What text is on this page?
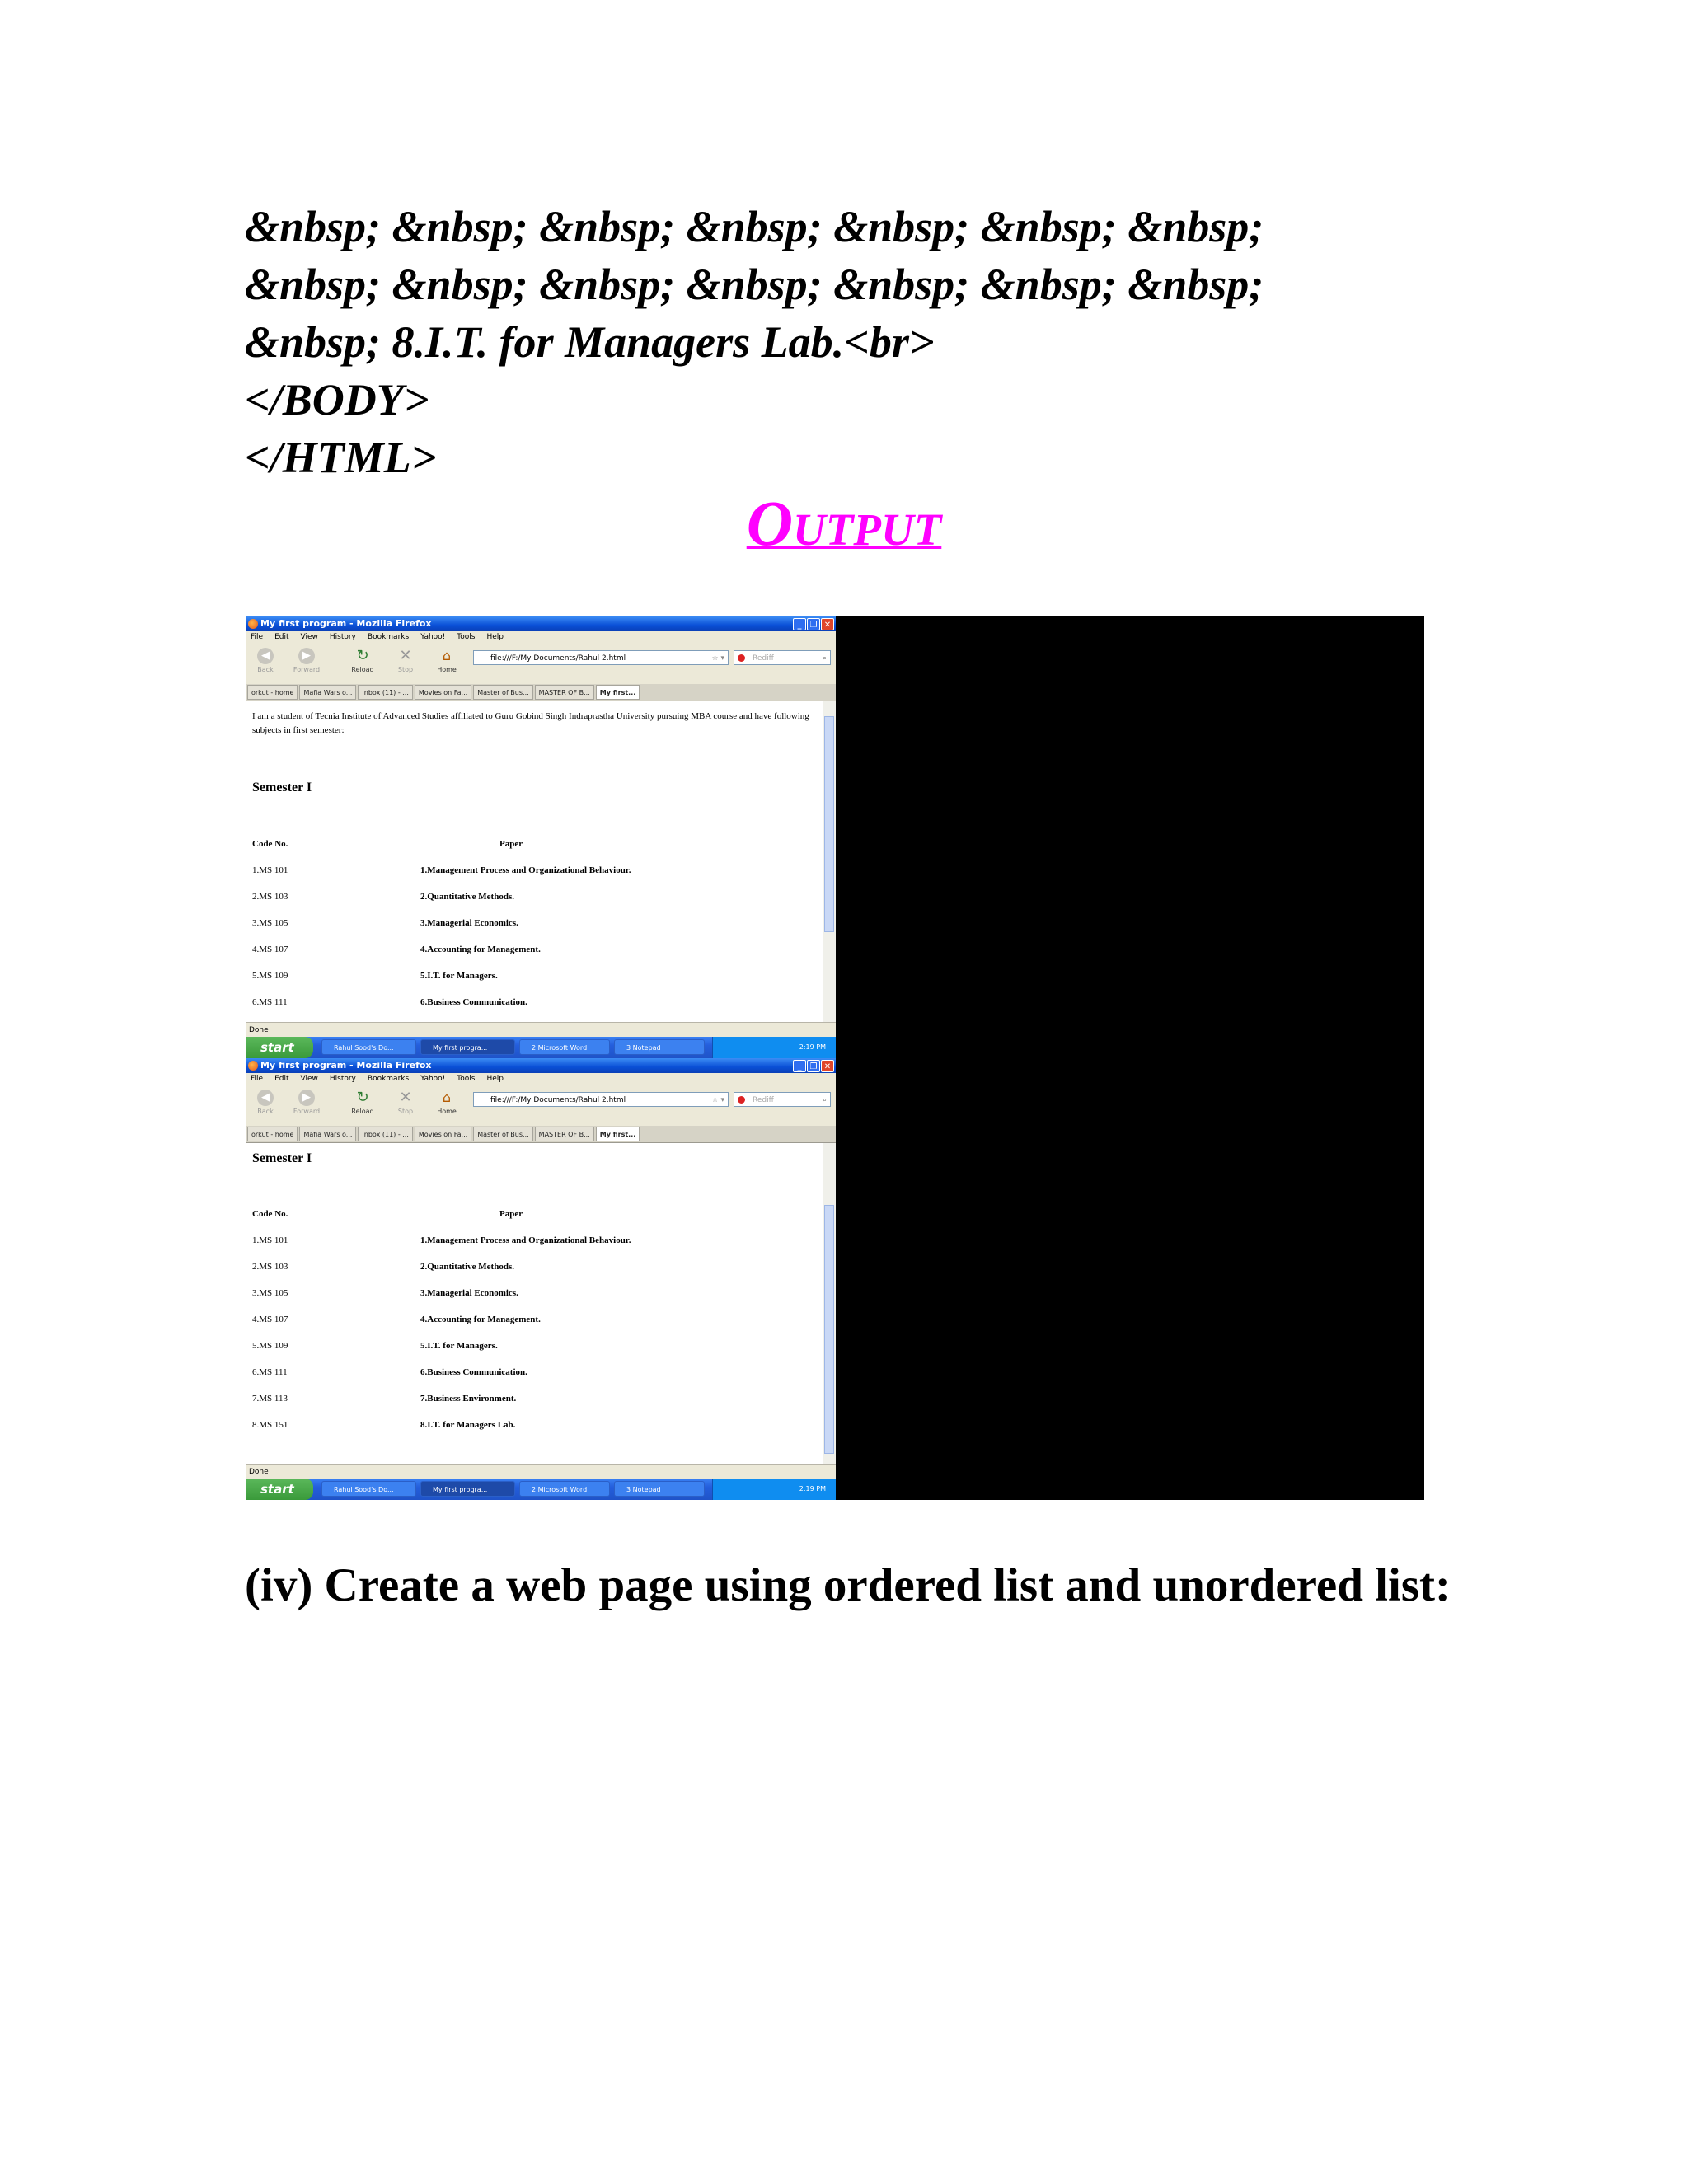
&nbsp; &nbsp; &nbsp; &nbsp; &nbsp; &nbsp; &nbsp;
&nbsp; &nbsp; &nbsp; &nbsp; &nbsp; &nbsp; &nbsp;
&nbsp; 8.I.T. for Managers Lab.<br>
</BODY>
</HTML>
Output
My first program - Mozilla Firefox	_ ❐ ✕
File Edit View History Bookmarks Yahoo! Tools Help
◀
Back
▶
Forward
↻
Reload
✕
Stop
⌂
Home
file:///F:/My Documents/Rahul 2.html	☆ ▾	Rediff	⌕
orkut - home Mafia Wars o... Inbox (11) - ... Movies on Fa... Master of Bus... MASTER OF B... My first...
I am a student of Tecnia Institute of Advanced Studies affiliated to Guru Gobind Singh Indraprastha University pursuing MBA course and have following subjects in first semester:
Semester I
Code No.	Paper
1.MS 101	1.Management Process and Organizational Behaviour.
2.MS 103	2.Quantitative Methods.
3.MS 105	3.Managerial Economics.
4.MS 107	4.Accounting for Management.
5.MS 109	5.I.T. for Managers.
6.MS 111	6.Business Communication.
Done
start	Rahul Sood's Do...	My first progra...	2 Microsoft Word	3 Notepad	2:19 PM
My first program - Mozilla Firefox	_ ❐ ✕
File Edit View History Bookmarks Yahoo! Tools Help
◀
Back
▶
Forward
↻
Reload
✕
Stop
⌂
Home
file:///F:/My Documents/Rahul 2.html	☆ ▾	Rediff	⌕
orkut - home Mafia Wars o... Inbox (11) - ... Movies on Fa... Master of Bus... MASTER OF B... My first...
Semester I
Code No.	Paper
1.MS 101	1.Management Process and Organizational Behaviour.
2.MS 103	2.Quantitative Methods.
3.MS 105	3.Managerial Economics.
4.MS 107	4.Accounting for Management.
5.MS 109	5.I.T. for Managers.
6.MS 111	6.Business Communication.
7.MS 113	7.Business Environment.
8.MS 151	8.I.T. for Managers Lab.
Done
start	Rahul Sood's Do...	My first progra...	2 Microsoft Word	3 Notepad	2:19 PM
(iv) Create a web page using ordered list and unordered list:
